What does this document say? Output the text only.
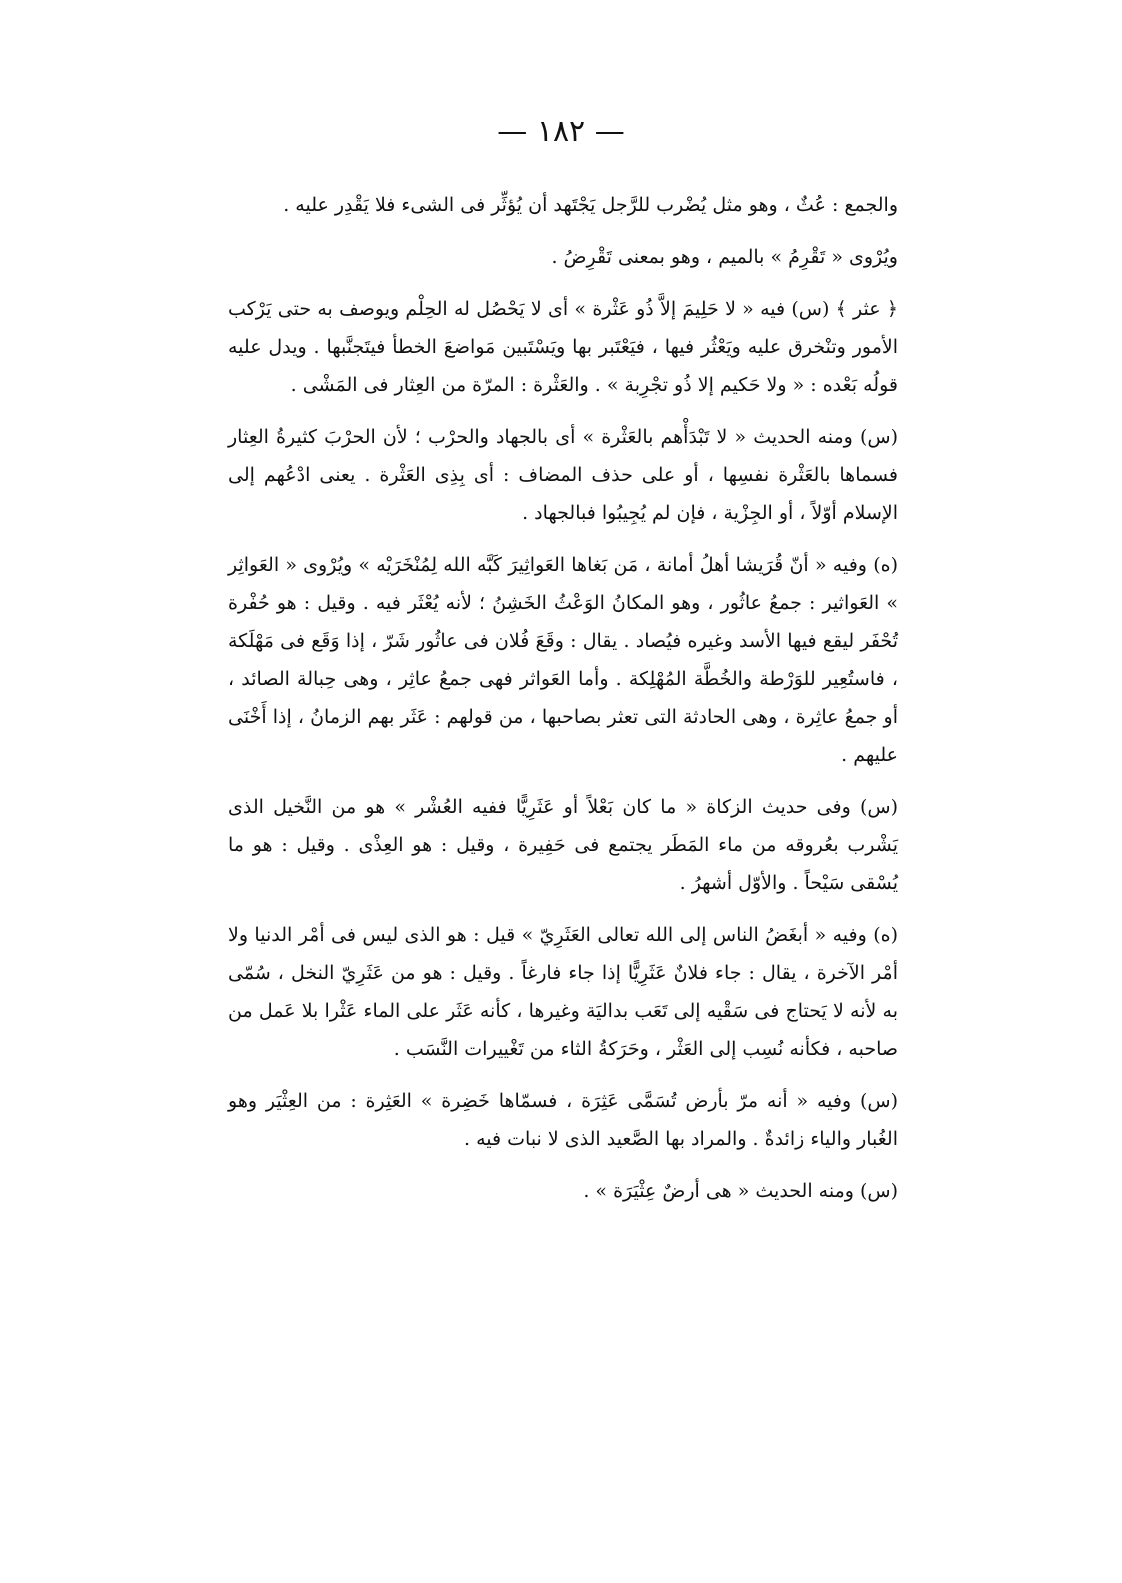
— ١٨٢ —

والجمع : عُثٌ ، وهو مثل يُضْرب للرَّجل يَجْتَهد أن يُؤثِّر فى الشىء فلا يَقْدِر عليه .

ويُرْوى « تَقْرِمُ » بالميم ، وهو بمعنى تَقْرِضُ .

﴿ عثر ﴾ (س) فيه « لا حَلِيمَ إلاَّ ذُو عَثْرة » أى لا يَحْصُل له الحِلْم ويوصف به حتى يَرْكب الأمور وتنْخرق عليه ويَعْثُر فيها ، فيَعْتَبر بها ويَسْتَبين مَواضعَ الخطأ فيتَجنَّبها . ويدل عليه قولُه بَعْده : « ولا حَكيم إلا ذُو تجْرِبة » . والعَثْرة : المرّة من العِثار فى المَشْى .

(س) ومنه الحديث « لا تَبْدَأْهم بالعَثْرة » أى بالجهاد والحرْب ؛ لأن الحرْبَ كثيرةُ العِثار فسماها بالعَثْرة نفسِها ، أو على حذف المضاف : أى بِذِى العَثْرة . يعنى ادْعُهم إلى الإسلام أوّلاً ، أو الجِزْية ، فإن لم يُجِيبُوا فبالجهاد .

(ه) وفيه « أنّ قُرَيشا أهلُ أمانة ، مَن بَغاها العَواثِيرَ كَبَّه الله لِمُنْخَرَيْه » ويُرْوى « العَواثِر » العَواثير : جمعُ عاثُور ، وهو المكانُ الوَعْثُ الخَشِنُ ؛ لأنه يُعْثَر فيه . وقيل : هو حُفْرة تُحْفَر ليقع فيها الأسد وغيره فيُصاد . يقال : وقَعَ فُلان فى عاثُور شَرّ ، إذا وَقَع فى مَهْلَكة ، فاستُعِير للوَرْطة والخُطَّة المُهْلِكة . وأما العَواثر فهى جمعُ عاثِر ، وهى حِبالة الصائد ، أو جمعُ عاثِرة ، وهى الحادثة التى تعثر بصاحبها ، من قولهم : عَثَر بهم الزمانُ ، إذا أَخْنَى عليهم .

(س) وفى حديث الزكاة « ما كان بَعْلاً أو عَثَرِيًّا ففيه العُشْر » هو من النَّخيل الذى يَشْرب بعُروقه من ماء المَطَر يجتمع فى حَفِيرة ، وقيل : هو العِذْى . وقيل : هو ما يُسْقى سَيْحاً . والأوّل أشهرُ .

(ه) وفيه « أبغَضُ الناس إلى الله تعالى العَثَرِيّ » قيل : هو الذى ليس فى أمْر الدنيا ولا أمْر الآخرة ، يقال : جاء فلانٌ عَثَرِيًّا إذا جاء فارغاً . وقيل : هو من عَثَرِيّ النخل ، سُمّى به لأنه لا يَحتاج فى سَقْيه إلى تَعَب بداليَة وغيرها ، كأنه عَثَر على الماء عَثْرا بلا عَمل من صاحبه ، فكأنه نُسِب إلى العَثْر ، وحَرَكةُ الثاء من تَغْييرات النَّسَب .

(س) وفيه « أنه مرّ بأرض تُسَمَّى عَثِرَة ، فسمّاها خَضِرة » العَثِرة : من العِثْيَر وهو الغُبار والياء زائدةٌ . والمراد بها الصَّعيد الذى لا نبات فيه .

(س) ومنه الحديث « هى أرضٌ عِثْيَرَة » .
